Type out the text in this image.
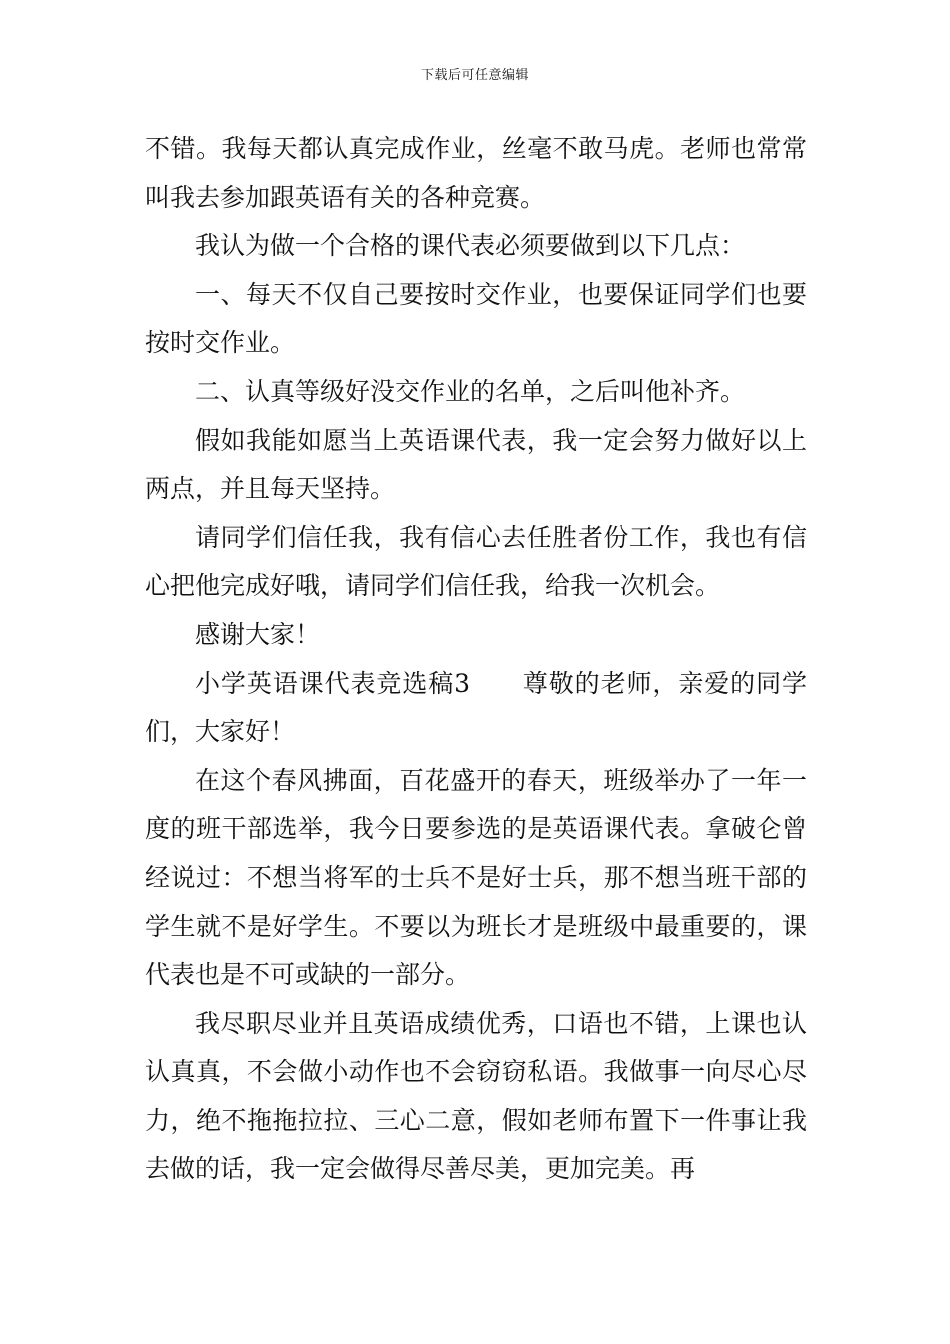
下载后可任意编辑

不错。我每天都认真完成作业，丝毫不敢马虎。老师也常常叫我去参加跟英语有关的各种竞赛。

我认为做一个合格的课代表必须要做到以下几点：

一、每天不仅自己要按时交作业，也要保证同学们也要按时交作业。

二、认真等级好没交作业的名单，之后叫他补齐。

假如我能如愿当上英语课代表，我一定会努力做好以上两点，并且每天坚持。

请同学们信任我，我有信心去任胜者份工作，我也有信心把他完成好哦，请同学们信任我，给我一次机会。

感谢大家！

小学英语课代表竞选稿3　　尊敬的老师，亲爱的同学们，大家好！

在这个春风拂面，百花盛开的春天，班级举办了一年一度的班干部选举，我今日要参选的是英语课代表。拿破仑曾经说过：不想当将军的士兵不是好士兵，那不想当班干部的学生就不是好学生。不要以为班长才是班级中最重要的，课代表也是不可或缺的一部分。

我尽职尽业并且英语成绩优秀，口语也不错，上课也认认真真，不会做小动作也不会窃窃私语。我做事一向尽心尽力，绝不拖拖拉拉、三心二意，假如老师布置下一件事让我去做的话，我一定会做得尽善尽美，更加完美。再
